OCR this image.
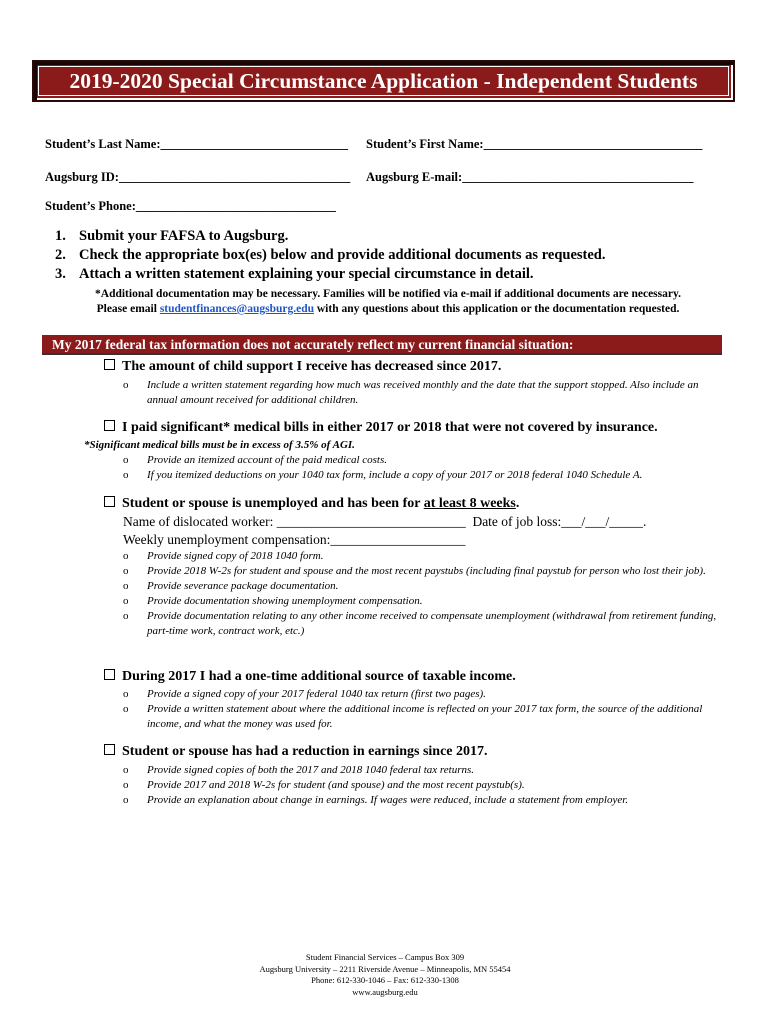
2019-2020 Special Circumstance Application - Independent Students
Student’s Last Name:______________________________ Student’s First Name:___________________________________
Augsburg ID:_____________________________________ Augsburg E-mail:_____________________________________
Student’s Phone:________________________________
1. Submit your FAFSA to Augsburg.
2. Check the appropriate box(es) below and provide additional documents as requested.
3. Attach a written statement explaining your special circumstance in detail.
*Additional documentation may be necessary. Families will be notified via e-mail if additional documents are necessary.
Please email studentfinances@augsburg.edu with any questions about this application or the documentation requested.
My 2017 federal tax information does not accurately reflect my current financial situation:
The amount of child support I receive has decreased since 2017.
o Include a written statement regarding how much was received monthly and the date that the support stopped. Also include an annual amount received for additional children.
I paid significant* medical bills in either 2017 or 2018 that were not covered by insurance.
*Significant medical bills must be in excess of 3.5% of AGI.
o Provide an itemized account of the paid medical costs.
o If you itemized deductions on your 1040 tax form, include a copy of your 2017 or 2018 federal 1040 Schedule A.
Student or spouse is unemployed and has been for at least 8 weeks.
Name of dislocated worker: ____________________________  Date of job loss:___/___/_____.
Weekly unemployment compensation:____________________
o Provide signed copy of 2018 1040 form.
o Provide 2018 W-2s for student and spouse and the most recent paystubs (including final paystub for person who lost their job).
o Provide severance package documentation.
o Provide documentation showing unemployment compensation.
o Provide documentation relating to any other income received to compensate unemployment (withdrawal from retirement funding, part-time work, contract work, etc.)
During 2017 I had a one-time additional source of taxable income.
o Provide a signed copy of your 2017 federal 1040 tax return (first two pages).
o Provide a written statement about where the additional income is reflected on your 2017 tax form, the source of the additional income, and what the money was used for.
Student or spouse has had a reduction in earnings since 2017.
o Provide signed copies of both the 2017 and 2018 1040 federal tax returns.
o Provide 2017 and 2018 W-2s for student (and spouse) and the most recent paystub(s).
o Provide an explanation about change in earnings. If wages were reduced, include a statement from employer.
Student Financial Services – Campus Box 309
Augsburg University – 2211 Riverside Avenue – Minneapolis, MN 55454
Phone: 612-330-1046 – Fax: 612-330-1308
www.augsburg.edu
